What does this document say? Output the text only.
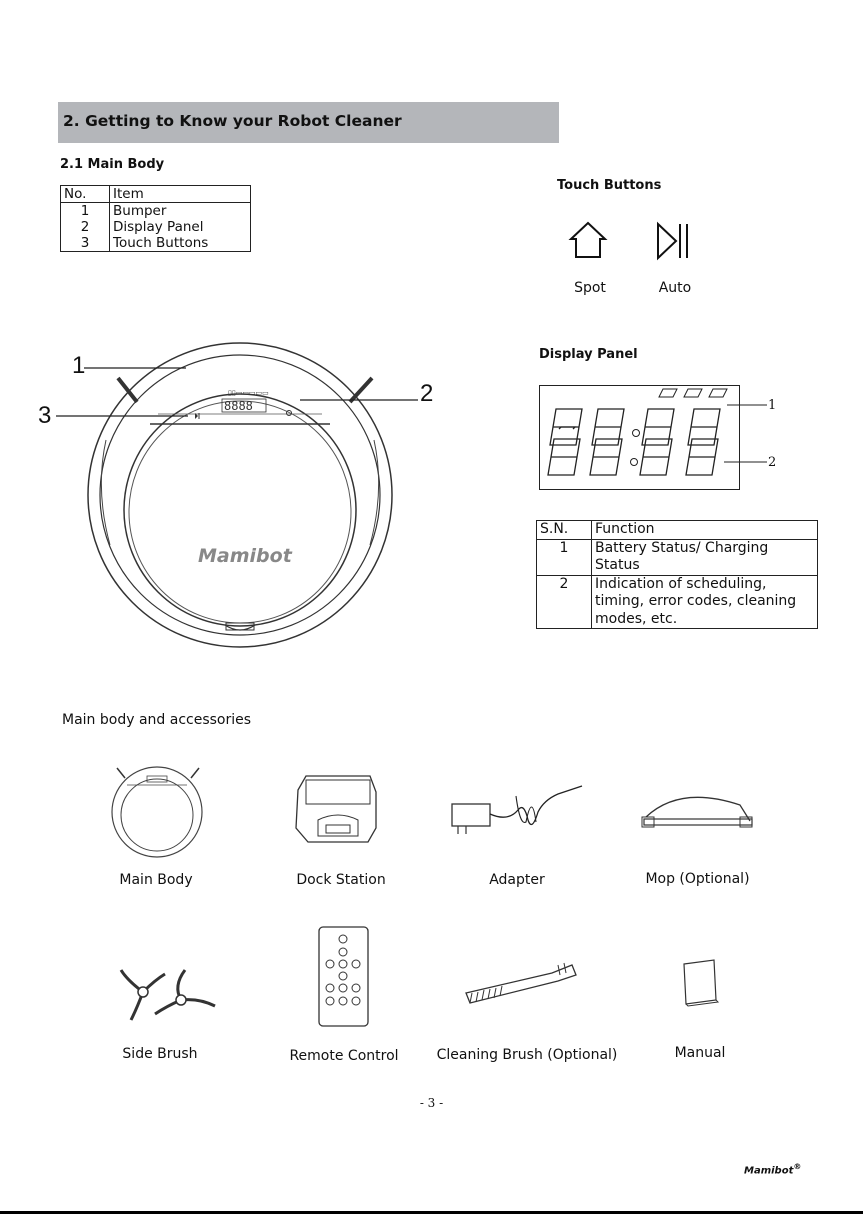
2. Getting to Know your Robot Cleaner
2.1 Main Body
No.	Item
1	Bumper
2	Display Panel
3	Touch Buttons
Touch Buttons
Spot	Auto
▯▯▭▭▭▭▭
8888
Mamibot
1
2
3
Display Panel
1
2
S.N.	Function
1	Battery Status/ Charging Status
2	Indication of scheduling, timing, error codes, cleaning modes, etc.
Main body and accessories
Main Body	Dock Station	Adapter	Mop (Optional)
Side Brush	Remote Control	Cleaning Brush (Optional)	Manual
- 3 -
Mamibot®
